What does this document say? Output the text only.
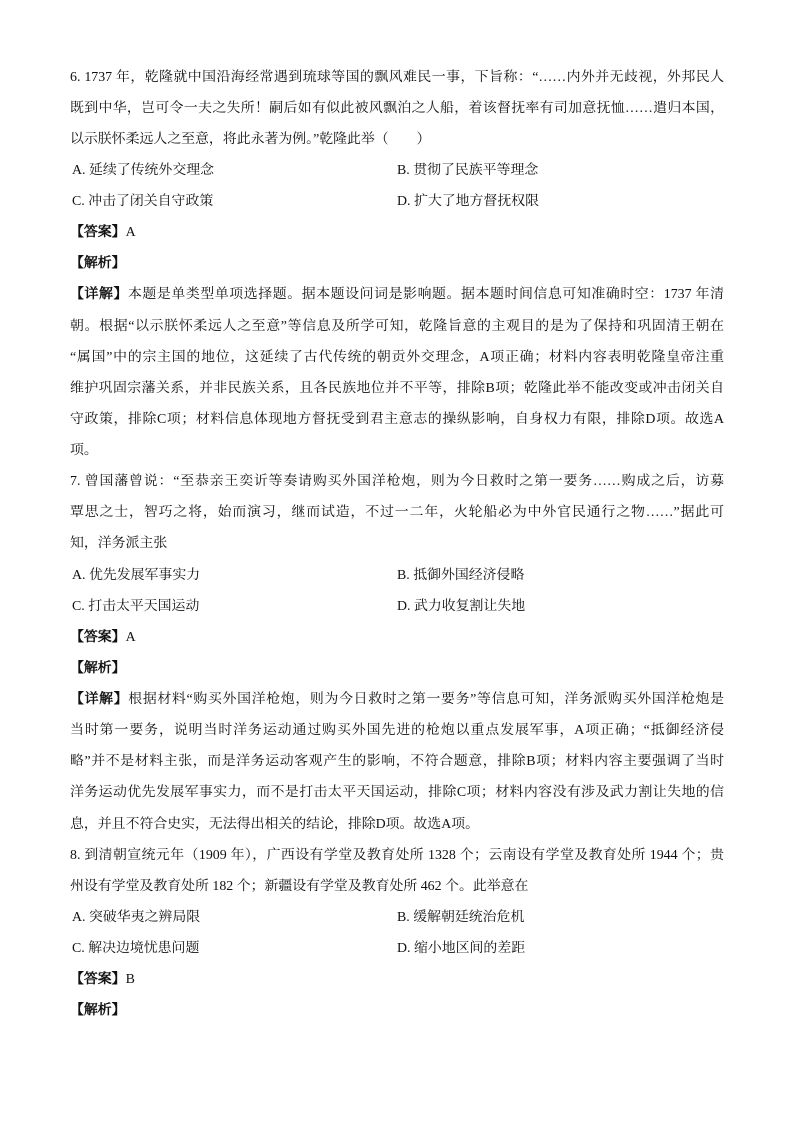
6. 1737 年，乾隆就中国沿海经常遇到琉球等国的飘风难民一事，下旨称：“……内外并无歧视，外邦民人
既到中华，岂可令一夫之失所！嗣后如有似此被风飘泊之人船，着该督抚率有司加意抚恤……遣归本国，
以示朕怀柔远人之至意，将此永著为例。”乾隆此举（　　）
A. 延续了传统外交理念	B. 贯彻了民族平等理念
C. 冲击了闭关自守政策	D. 扩大了地方督抚权限
【答案】A
【解析】
【详解】本题是单类型单项选择题。据本题设问词是影响题。据本题时间信息可知准确时空：1737 年清
朝。根据“以示朕怀柔远人之至意”等信息及所学可知，乾隆旨意的主观目的是为了保持和巩固清王朝在
“属国”中的宗主国的地位，这延续了古代传统的朝贡外交理念，A项正确；材料内容表明乾隆皇帝注重
维护巩固宗藩关系，并非民族关系，且各民族地位并不平等，排除B项；乾隆此举不能改变或冲击闭关自
守政策，排除C项；材料信息体现地方督抚受到君主意志的操纵影响，自身权力有限，排除D项。故选A
项。
7. 曾国藩曾说：“至恭亲王奕䜣等奏请购买外国洋枪炮，则为今日救时之第一要务……购成之后，访募
覃思之士，智巧之将，始而演习，继而试造，不过一二年，火轮船必为中外官民通行之物……”据此可
知，洋务派主张
A. 优先发展军事实力	B. 抵御外国经济侵略
C. 打击太平天国运动	D. 武力收复割让失地
【答案】A
【解析】
【详解】根据材料“购买外国洋枪炮，则为今日救时之第一要务”等信息可知，洋务派购买外国洋枪炮是
当时第一要务，说明当时洋务运动通过购买外国先进的枪炮以重点发展军事，A项正确；“抵御经济侵
略”并不是材料主张，而是洋务运动客观产生的影响，不符合题意，排除B项；材料内容主要强调了当时
洋务运动优先发展军事实力，而不是打击太平天国运动，排除C项；材料内容没有涉及武力割让失地的信
息，并且不符合史实，无法得出相关的结论，排除D项。故选A项。
8. 到清朝宣统元年（1909 年），广西设有学堂及教育处所 1328 个；云南设有学堂及教育处所 1944 个；贵
州设有学堂及教育处所 182 个；新疆设有学堂及教育处所 462 个。此举意在
A. 突破华夷之辨局限	B. 缓解朝廷统治危机
C. 解决边境忧患问题	D. 缩小地区间的差距
【答案】B
【解析】
